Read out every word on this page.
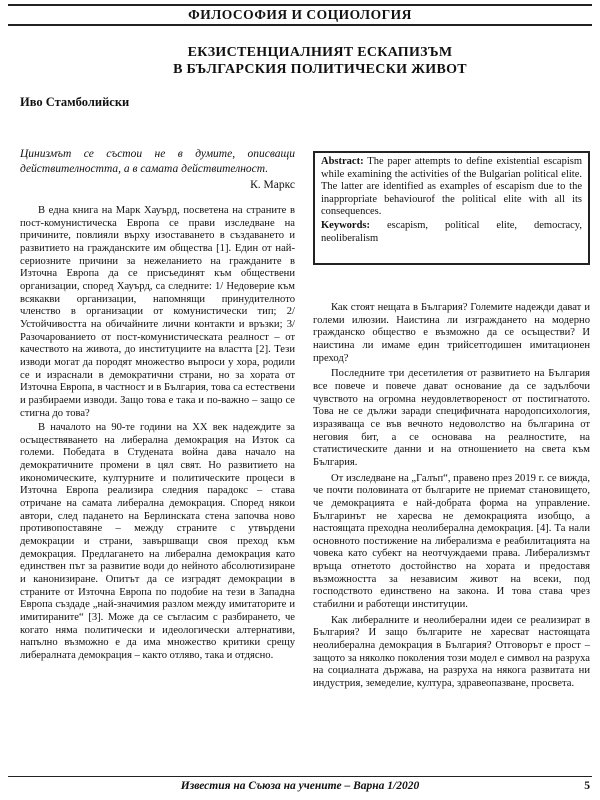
ФИЛОСОФИЯ И СОЦИОЛОГИЯ
ЕКЗИСТЕНЦИАЛНИЯТ ЕСКАПИЗЪМ
В БЪЛГАРСКИЯ ПОЛИТИЧЕСКИ ЖИВОТ
Иво Стамболийски
Цинизмът се състои не в думите, описващи действителността, а в самата действителност.
К. Маркс
Abstract: The paper attempts to define existential escapism while examining the activities of the Bulgarian political elite. The latter are identified as examples of escapism due to the inappropriate behaviourof the political elite with all its consequences.
Keywords: escapism, political elite, democracy, neoliberalism

В една книга на Марк Хауърд, посветена на страните в пост-комунистическа Европа се прави изследване на причините, повлияли върху изоставането в създаването и развитието на гражданските им общества [1]. Един от най-сериозните причини за нежеланието на гражданите в Източна Европа да се присъединят към обществени организации, според Хауърд, са следните: 1/ Недоверие към всякакви организации, напомнящи принудителното членство в организации от комунистически тип; 2/ Устойчивостта на обичайните лични контакти и връзки; 3/ Разочарованието от пост-комунистическата реалност – от качеството на живота, до институциите на властта [2]. Тези изводи могат да породят множество въпроси у хора, родили се и израснали в демократични страни, но за хората от Източна Европа, в частност и в България, това са естествени и разбираеми изводи. Защо това е така и по-важно – защо се стигна до това?

В началото на 90-те години на XX век надеждите за осъществяването на либерална демокрация на Изток са големи. Победата в Студената война дава начало на демократичните промени в цял свят. Но развитието на икономическите, културните и политическите процеси в Източна Европа реализира следния парадокс – става отричане на самата либерална демокрация. Според някои автори, след падането на Берлинската стена започва ново противопоставяне – между страните с утвърдени демокрации и страни, завършващи своя преход към демокрация. Предлагането на либерална демокрация като единствен път за развитие води до нейното абсолютизиране и канонизиране. Опитът да се изградят демокрации в страните от Източна Европа по подобие на тези в Западна Европа създаде „най-значимия разлом между имитаторите и имитираните“ [3]. Може да се съгласим с разбирането, че когато няма политически и идеологически алтернативи, напълно възможно е да има множество критики срещу либералната демокрация – както отляво, така и отдясно.

Как стоят нещата в България? Големите надежди дават и големи илюзии. Наистина ли изграждането на модерно гражданско общество е възможно да се осъществи? И наистина ли имаме един трийсетгодишен имитационен преход?

Последните три десетилетия от развитието на България все повече и повече дават основание да се задълбочи чувството на огромна неудовлетвореност от постигнатото. Това не се дължи заради специфичната народопсихология, изразяваща се във вечното недоволство на българина от неговия бит, а се основава на реалностите, на статистическите данни и на отношението на света към България.

От изследване на „Галъп“, правено през 2019 г. се вижда, че почти половината от българите не приемат становището, че демокрацията е най-добрата форма на управление. Българинът не харесва не демокрацията изобщо, а настоящата преходна неолиберална демокрация. [4]. Та нали основното постижение на либерализма е реабилитацията на човека като субект на неотчуждаеми права. Либерализмът връща отнетото достойнство на хората и предоставя възможността за независим живот на всеки, под господството единствено на закона. И това става чрез стабилни и работещи институции.

Как либералните и неолиберални идеи се реализират в България? И защо българите не харесват настоящата неолиберална демокрация в България? Отговорът е прост – защото за няколко поколения този модел е символ на разруха на социалната държава, на разруха на някога развитата ни индустрия, земеделие, култура, здравеопазване, просвета.

Известия на Съюза на учените – Варна 1/2020	5
